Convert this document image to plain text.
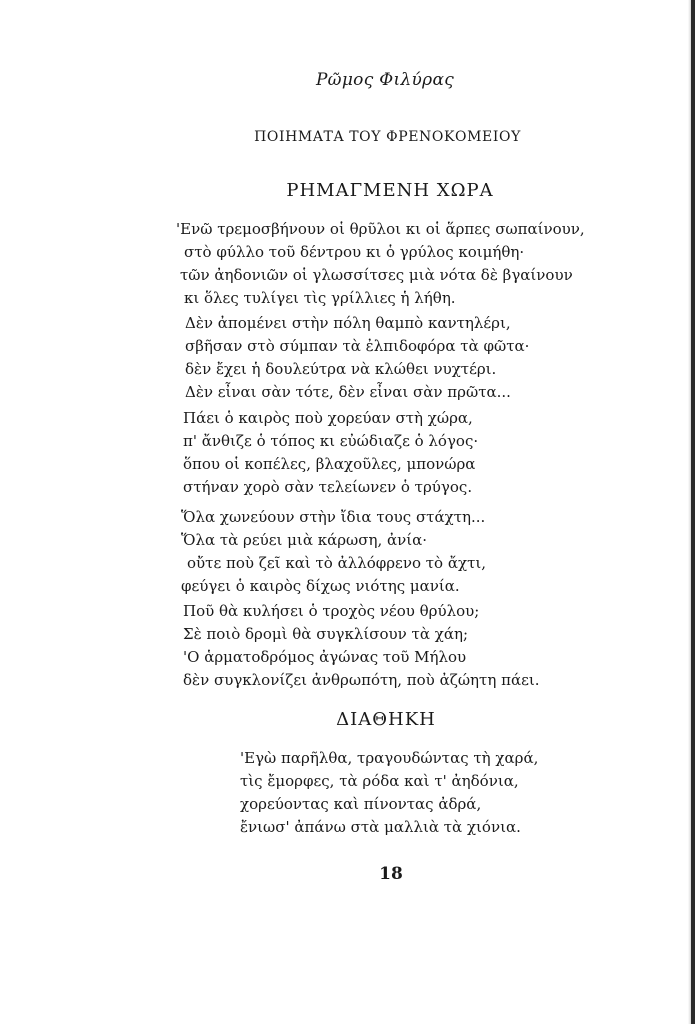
Ρῶμος Φιλύρας
ΠΟΙΗΜΑΤΑ ΤΟΥ ΦΡΕΝΟΚΟΜΕΙΟΥ
ΡΗΜΑΓΜΕΝΗ ΧΩΡΑ
'Ενῶ τρεμοσβήνουν οἱ θρῦλοι κι οἱ ἅρπες σωπαίνουν,
στὸ φύλλο τοῦ δέντρου κι ὁ γρύλος κοιμήθη·
τῶν ἀηδονιῶν οἱ γλωσσίτσες μιὰ νότα δὲ βγαίνουν
κι ὅλες τυλίγει τὶς γρίλλιες ἡ λήθη.
Δὲν ἀπομένει στὴν πόλη θαμπὸ καντηλέρι,
σβῆσαν στὸ σύμπαν τὰ ἐλπιδοφόρα τὰ φῶτα·
δὲν ἔχει ἡ δουλεύτρα νὰ κλώθει νυχτέρι.
Δὲν εἶναι σὰν τότε, δὲν εἶναι σὰν πρῶτα...
Πάει ὁ καιρὸς ποὺ χορεύαν στὴ χώρα,
π' ἄνθιζε ὁ τόπος κι εὐώδιαζε ὁ λόγος·
ὅπου οἱ κοπέλες, βλαχοῦλες, μπονώρα
στήναν χορὸ σὰν τελείωνεν ὁ τρύγος.
Ὅλα χωνεύουν στὴν ἴδια τους στάχτη...
Ὅλα τὰ ρεύει μιὰ κάρωση, ἀνία·
οὔτε ποὺ ζεῖ καὶ τὸ ἀλλόφρενο τὸ ἄχτι,
φεύγει ὁ καιρὸς δίχως νιότης μανία.
Ποῦ θὰ κυλήσει ὁ τροχὸς νέου θρύλου;
Σὲ ποιὸ δρομὶ θὰ συγκλίσουν τὰ χάη;
'Ο ἁρματοδρόμος ἀγώνας τοῦ Μήλου
δὲν συγκλονίζει ἀνθρωπότη, ποὺ ἀζώητη πάει.
ΔΙΑΘΗΚΗ
'Εγὼ παρῆλθα, τραγουδώντας τὴ χαρά,
τὶς ἔμορφες, τὰ ρόδα καὶ τ' ἀηδόνια,
χορεύοντας καὶ πίνοντας ἀδρά,
ἔνιωσ' ἀπάνω στὰ μαλλιὰ τὰ χιόνια.
18
